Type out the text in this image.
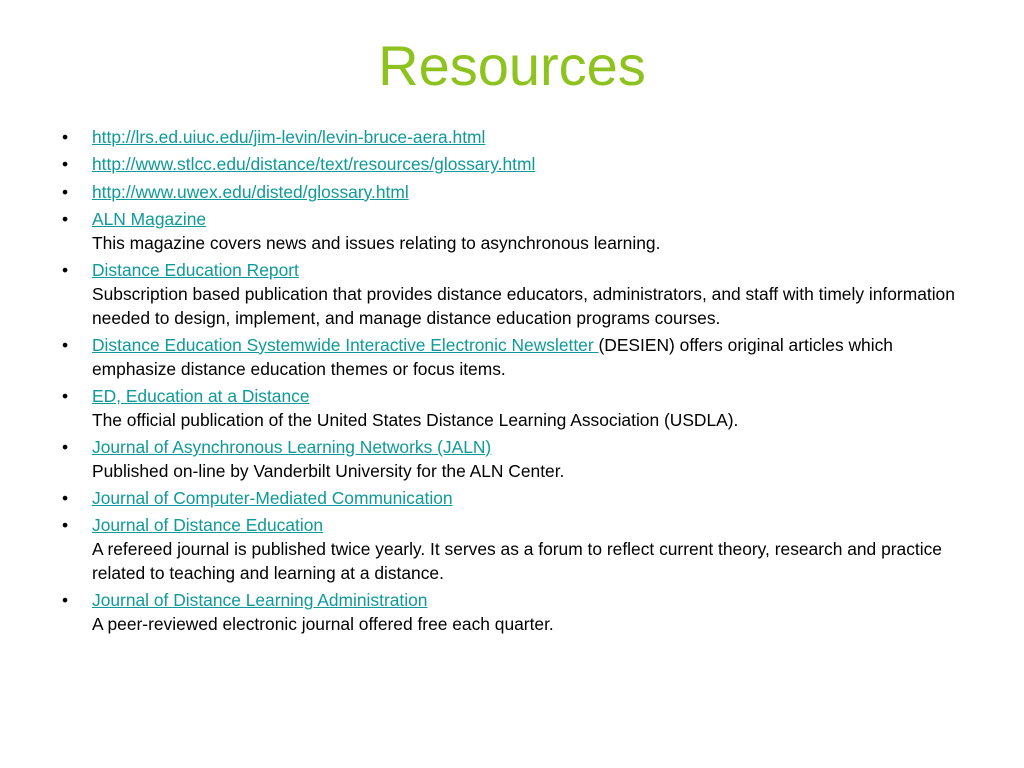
Resources
• http://lrs.ed.uiuc.edu/jim-levin/levin-bruce-aera.html
• http://www.stlcc.edu/distance/text/resources/glossary.html
• http://www.uwex.edu/disted/glossary.html
• ALN Magazine
This magazine covers news and issues relating to asynchronous learning.
• Distance Education Report
Subscription based publication that provides distance educators, administrators, and staff with timely information needed to design, implement, and manage distance education programs courses.
• Distance Education Systemwide Interactive Electronic Newsletter (DESIEN) offers original articles which emphasize distance education themes or focus items.
• ED, Education at a Distance
The official publication of the United States Distance Learning Association (USDLA).
• Journal of Asynchronous Learning Networks (JALN)
Published on-line by Vanderbilt University for the ALN Center.
• Journal of Computer-Mediated Communication
• Journal of Distance Education
A refereed journal is published twice yearly. It serves as a forum to reflect current theory, research and practice related to teaching and learning at a distance.
• Journal of Distance Learning Administration
A peer-reviewed electronic journal offered free each quarter.
